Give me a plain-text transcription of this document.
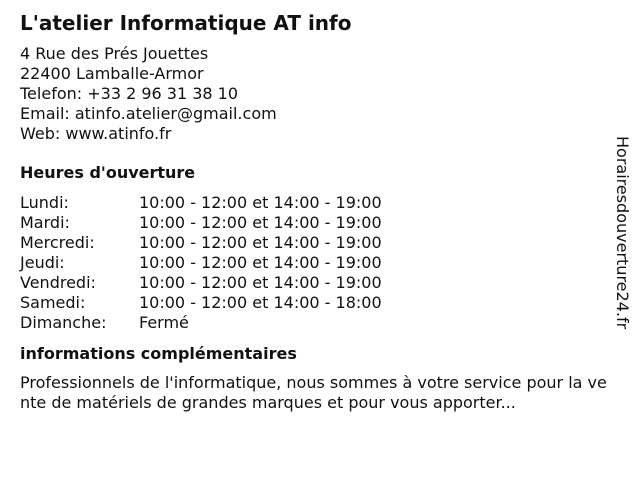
L'atelier Informatique AT info
4 Rue des Prés Jouettes
22400 Lamballe-Armor
Telefon: +33 2 96 31 38 10
Email: atinfo.atelier@gmail.com
Web: www.atinfo.fr
Heures d'ouverture
Lundi:	10:00 - 12:00 et 14:00 - 19:00
Mardi:	10:00 - 12:00 et 14:00 - 19:00
Mercredi:	10:00 - 12:00 et 14:00 - 19:00
Jeudi:	10:00 - 12:00 et 14:00 - 19:00
Vendredi:	10:00 - 12:00 et 14:00 - 19:00
Samedi:	10:00 - 12:00 et 14:00 - 18:00
Dimanche:	Fermé
informations complémentaires

Professionnels de l'informatique, nous sommes à votre service pour la vente de matériels de grandes marques et pour vous apporter...

Horairesdouverture24.fr
